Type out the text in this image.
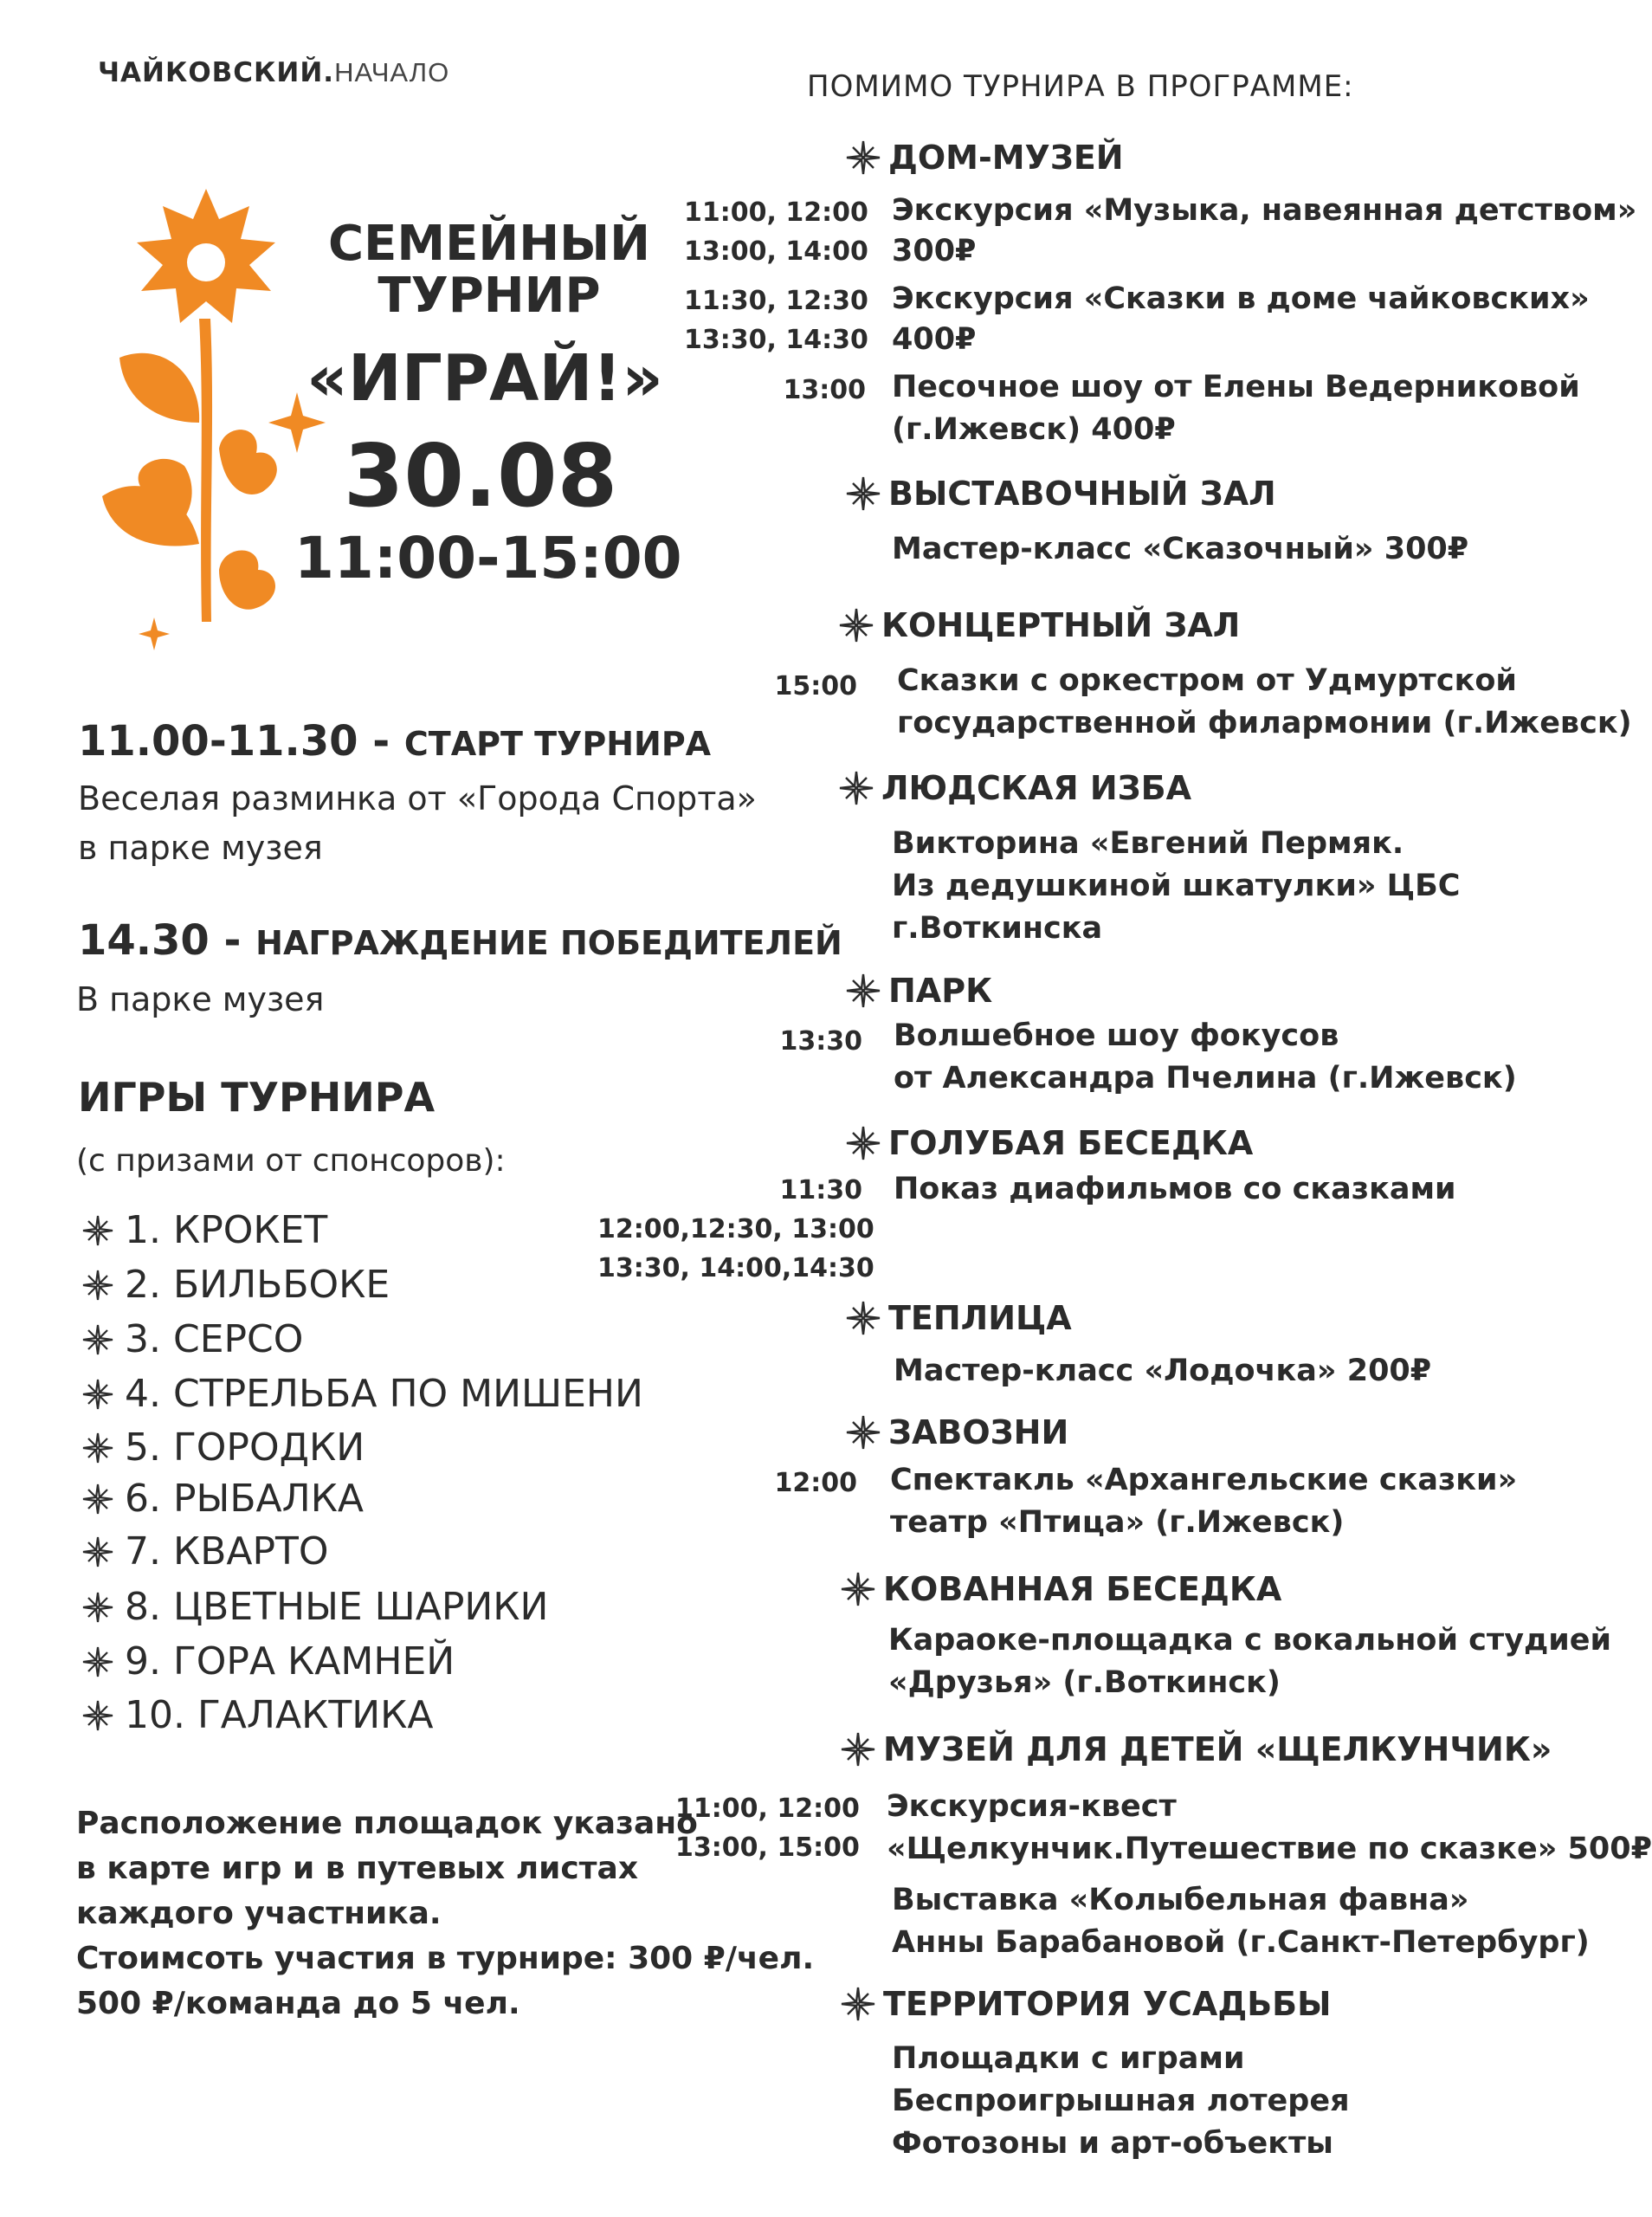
ЧАЙКОВСКИЙ.НАЧАЛО
СЕМЕЙНЫЙ
ТУРНИР
«ИГРАЙ!»
30.08
11:00-15:00
11.00-11.30 - СТАРТ ТУРНИРА
Веселая разминка от «Города Спорта»
в парке музея
14.30 - НАГРАЖДЕНИЕ ПОБЕДИТЕЛЕЙ
В парке музея
ИГРЫ ТУРНИРА
(с призами от спонсоров):
1. КРОКЕТ
2. БИЛЬБОКЕ
3. СЕРСО
4. СТРЕЛЬБА ПО МИШЕНИ
5. ГОРОДКИ
6. РЫБАЛКА
7. КВАРТО
8. ЦВЕТНЫЕ ШАРИКИ
9. ГОРА КАМНЕЙ
10. ГАЛАКТИКА
Расположение площадок указано
в карте игр и в путевых листах
каждого участника.
Стоимсоть участия в турнире: 300 ₽/чел.
500 ₽/команда до 5 чел.
ПОМИМО ТУРНИРА В ПРОГРАММЕ:
ДОМ-МУЗЕЙ
11:00, 12:00
13:00, 14:00
Экскурсия «Музыка, навеянная детством»
300₽
11:30, 12:30
13:30, 14:30
Экскурсия «Сказки в доме чайковских»
400₽
13:00 Песочное шоу от Елены Ведерниковой
(г.Ижевск) 400₽
ВЫСТАВОЧНЫЙ ЗАЛ
Мастер-класс «Сказочный» 300₽
КОНЦЕРТНЫЙ ЗАЛ
15:00 Сказки с оркестром от Удмуртской
государственной филармонии (г.Ижевск)
ЛЮДСКАЯ ИЗБА
Викторина «Евгений Пермяк.
Из дедушкиной шкатулки» ЦБС
г.Воткинска
ПАРК
13:30 Волшебное шоу фокусов
от Александра Пчелина (г.Ижевск)
ГОЛУБАЯ БЕСЕДКА
11:30
12:00,12:30, 13:00
13:30, 14:00,14:30
Показ диафильмов со сказками
ТЕПЛИЦА
Мастер-класс «Лодочка» 200₽
ЗАВОЗНИ
12:00 Спектакль «Архангельские сказки»
театр «Птица» (г.Ижевск)
КОВАННАЯ БЕСЕДКА
Караоке-площадка с вокальной студией
«Друзья» (г.Воткинск)
МУЗЕЙ ДЛЯ ДЕТЕЙ «ЩЕЛКУНЧИК»
11:00, 12:00
13:00, 15:00
Экскурсия-квест
«Щелкунчик.Путешествие по сказке» 500₽
Выставка «Колыбельная фавна»
Анны Барабановой (г.Санкт-Петербург)
ТЕРРИТОРИЯ УСАДЬБЫ
Площадки с играми
Беспроигрышная лотерея
Фотозоны и арт-объекты
